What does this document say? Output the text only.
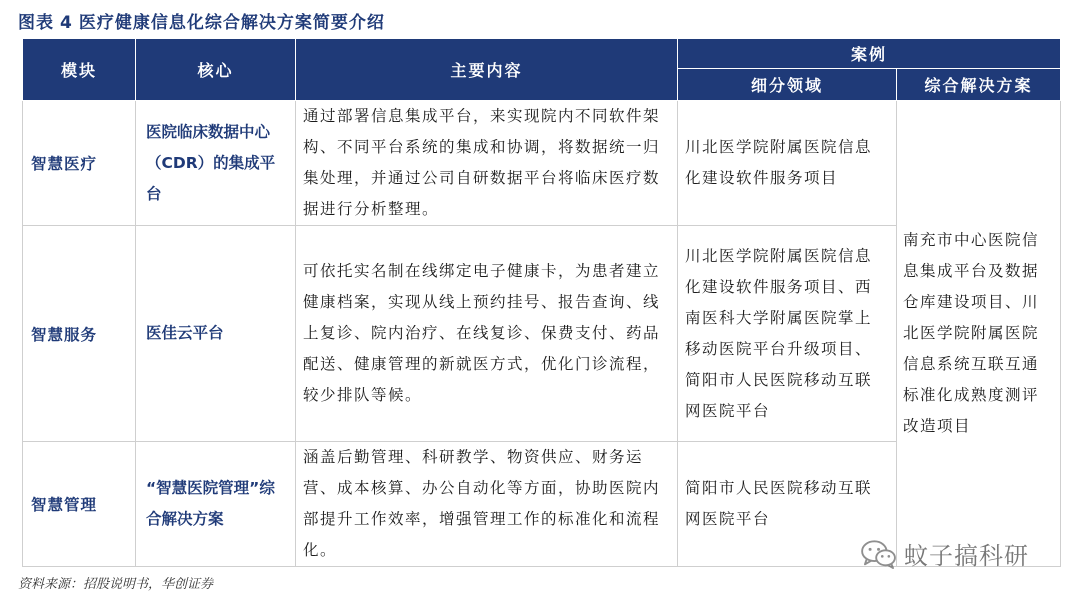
图表 4 医疗健康信息化综合解决方案简要介绍
模块	核心	主要内容	案例	
			细分领域	综合解决方案
智慧医疗	医院临床数据中心（CDR）的集成平台	通过部署信息集成平台，来实现院内不同软件架构、不同平台系统的集成和协调，将数据统一归集处理，并通过公司自研数据平台将临床医疗数据进行分析整理。	川北医学院附属医院信息化建设软件服务项目	南充市中心医院信息集成平台及数据仓库建设项目、川北医学院附属医院信息系统互联互通标准化成熟度测评改造项目
智慧服务	医佳云平台	可依托实名制在线绑定电子健康卡，为患者建立健康档案，实现从线上预约挂号、报告查询、线上复诊、院内治疗、在线复诊、保费支付、药品配送、健康管理的新就医方式，优化门诊流程，较少排队等候。	川北医学院附属医院信息化建设软件服务项目、西南医科大学附属医院掌上移动医院平台升级项目、简阳市人民医院移动互联网医院平台	
智慧管理	“智慧医院管理”综合解决方案	涵盖后勤管理、科研教学、物资供应、财务运营、成本核算、办公自动化等方面，协助医院内部提升工作效率，增强管理工作的标准化和流程化。	简阳市人民医院移动互联网医院平台	
资料来源：招股说明书，华创证券
蚊子搞科研
